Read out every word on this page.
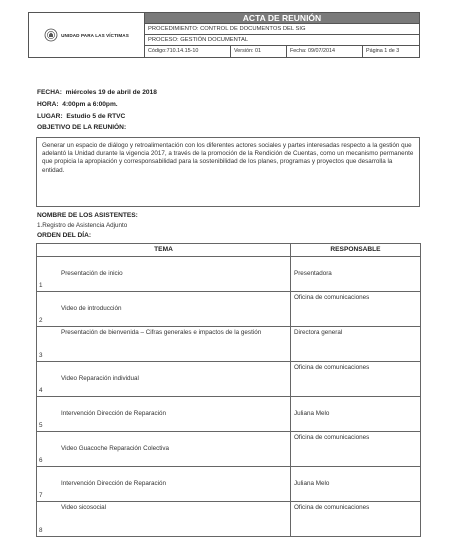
UNIDAD PARA LAS VÍCTIMAS
ACTA DE REUNIÓN
PROCEDIMIENTO: CONTROL DE DOCUMENTOS DEL SIG
PROCESO: GESTIÓN DOCUMENTAL
Código:710.14.15-10	Versión: 01	Fecha: 09/07/2014	Página 1 de 3
FECHA: miércoles 19 de abril de 2018
HORA: 4:00pm a 6:00pm.
LUGAR: Estudio 5 de RTVC
OBJETIVO DE LA REUNIÓN:
Generar un espacio de diálogo y retroalimentación con los diferentes actores sociales y partes interesadas respecto a la gestión que adelantó la Unidad durante la vigencia 2017, a través de la promoción de la Rendición de Cuentas, como un mecanismo permanente que propicia la apropiación y corresponsabilidad para la sostenibilidad de los planes, programas y proyectos que desarrolla la entidad.
NOMBRE DE LOS ASISTENTES:
1.Registro de Asistencia Adjunto
ORDEN DEL DÍA:
TEMA	RESPONSABLE

1
Presentación de inicio	Presentadora

2
Video de introducción	Oficina de comunicaciones

3
Presentación de bienvenida – Cifras generales e impactos de la gestión	Directora general

4
Video Reparación individual	Oficina de comunicaciones

5
Intervención Dirección de Reparación	Juliana Melo

6
Video Guacoche Reparación Colectiva	Oficina de comunicaciones

7
Intervención Dirección de Reparación	Juliana Melo

8
Video sicosocial	Oficina de comunicaciones
